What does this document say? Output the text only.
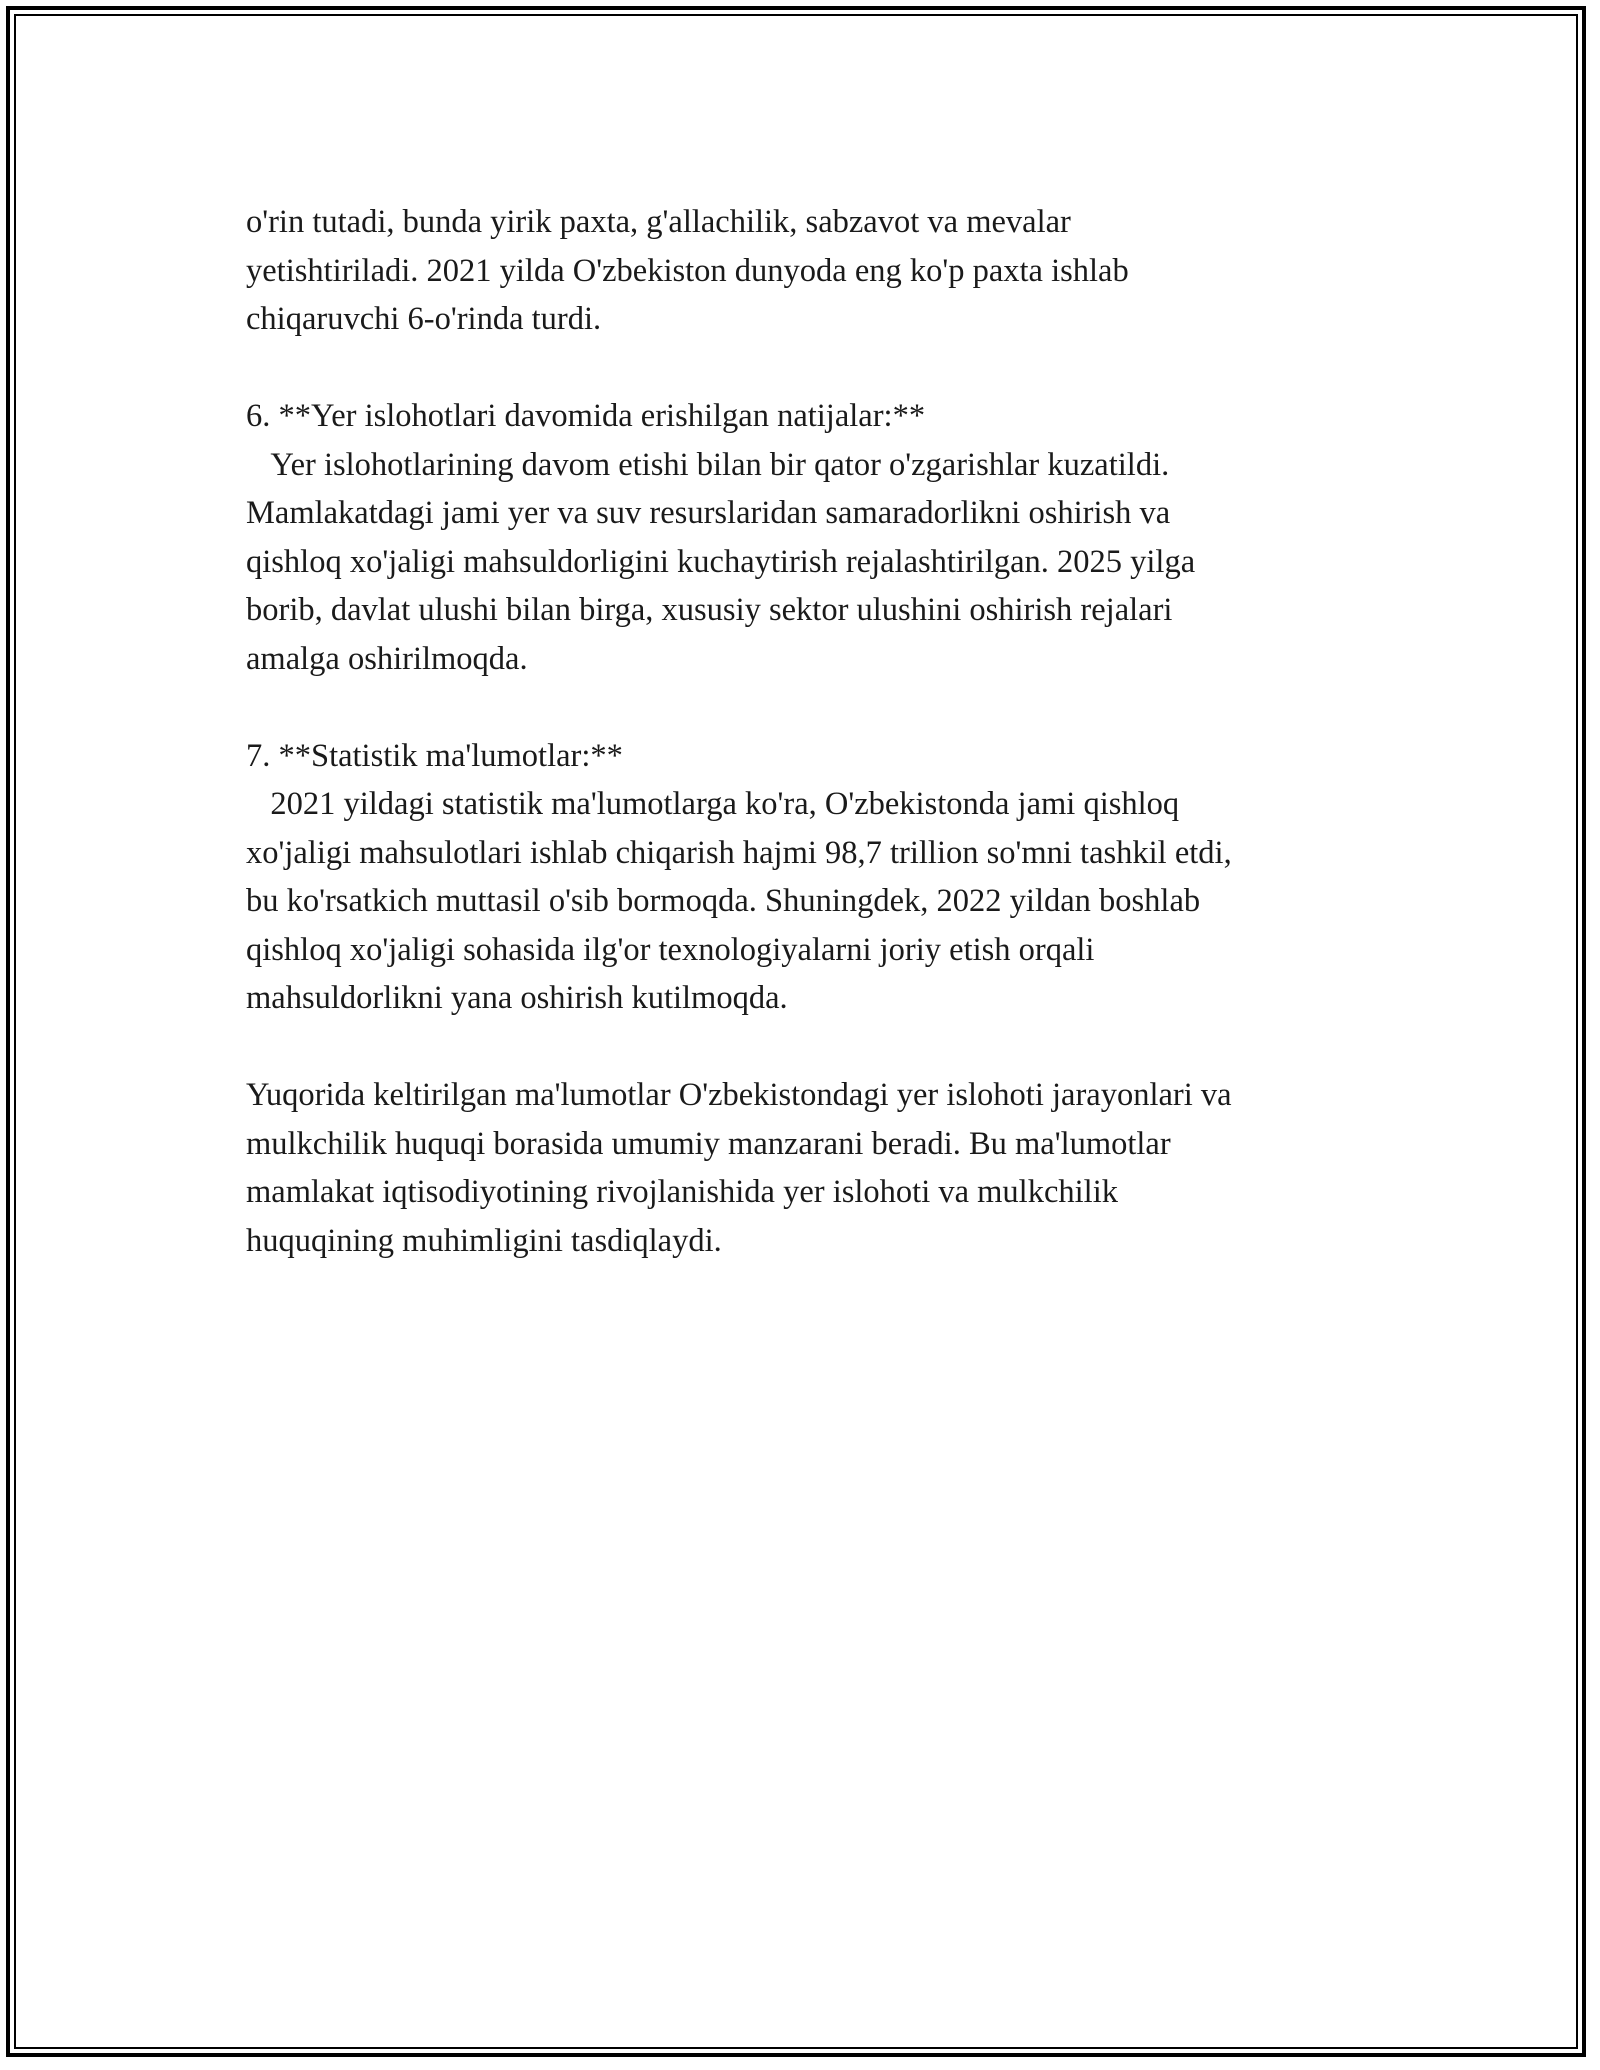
o'rin tutadi, bunda yirik paxta, g'allachilik, sabzavot va mevalar

yetishtiriladi. 2021 yilda O'zbekiston dunyoda eng ko'p paxta ishlab

chiqaruvchi 6-o'rinda turdi.

6. **Yer islohotlari davomida erishilgan natijalar:**

Yer islohotlarining davom etishi bilan bir qator o'zgarishlar kuzatildi.

Mamlakatdagi jami yer va suv resurslaridan samaradorlikni oshirish va

qishloq xo'jaligi mahsuldorligini kuchaytirish rejalashtirilgan. 2025 yilga

borib, davlat ulushi bilan birga, xususiy sektor ulushini oshirish rejalari

amalga oshirilmoqda.

7. **Statistik ma'lumotlar:**

2021 yildagi statistik ma'lumotlarga ko'ra, O'zbekistonda jami qishloq

xo'jaligi mahsulotlari ishlab chiqarish hajmi 98,7 trillion so'mni tashkil etdi,

bu ko'rsatkich muttasil o'sib bormoqda. Shuningdek, 2022 yildan boshlab

qishloq xo'jaligi sohasida ilg'or texnologiyalarni joriy etish orqali

mahsuldorlikni yana oshirish kutilmoqda.

Yuqorida keltirilgan ma'lumotlar O'zbekistondagi yer islohoti jarayonlari va

mulkchilik huquqi borasida umumiy manzarani beradi. Bu ma'lumotlar

mamlakat iqtisodiyotining rivojlanishida yer islohoti va mulkchilik

huquqining muhimligini tasdiqlaydi.
